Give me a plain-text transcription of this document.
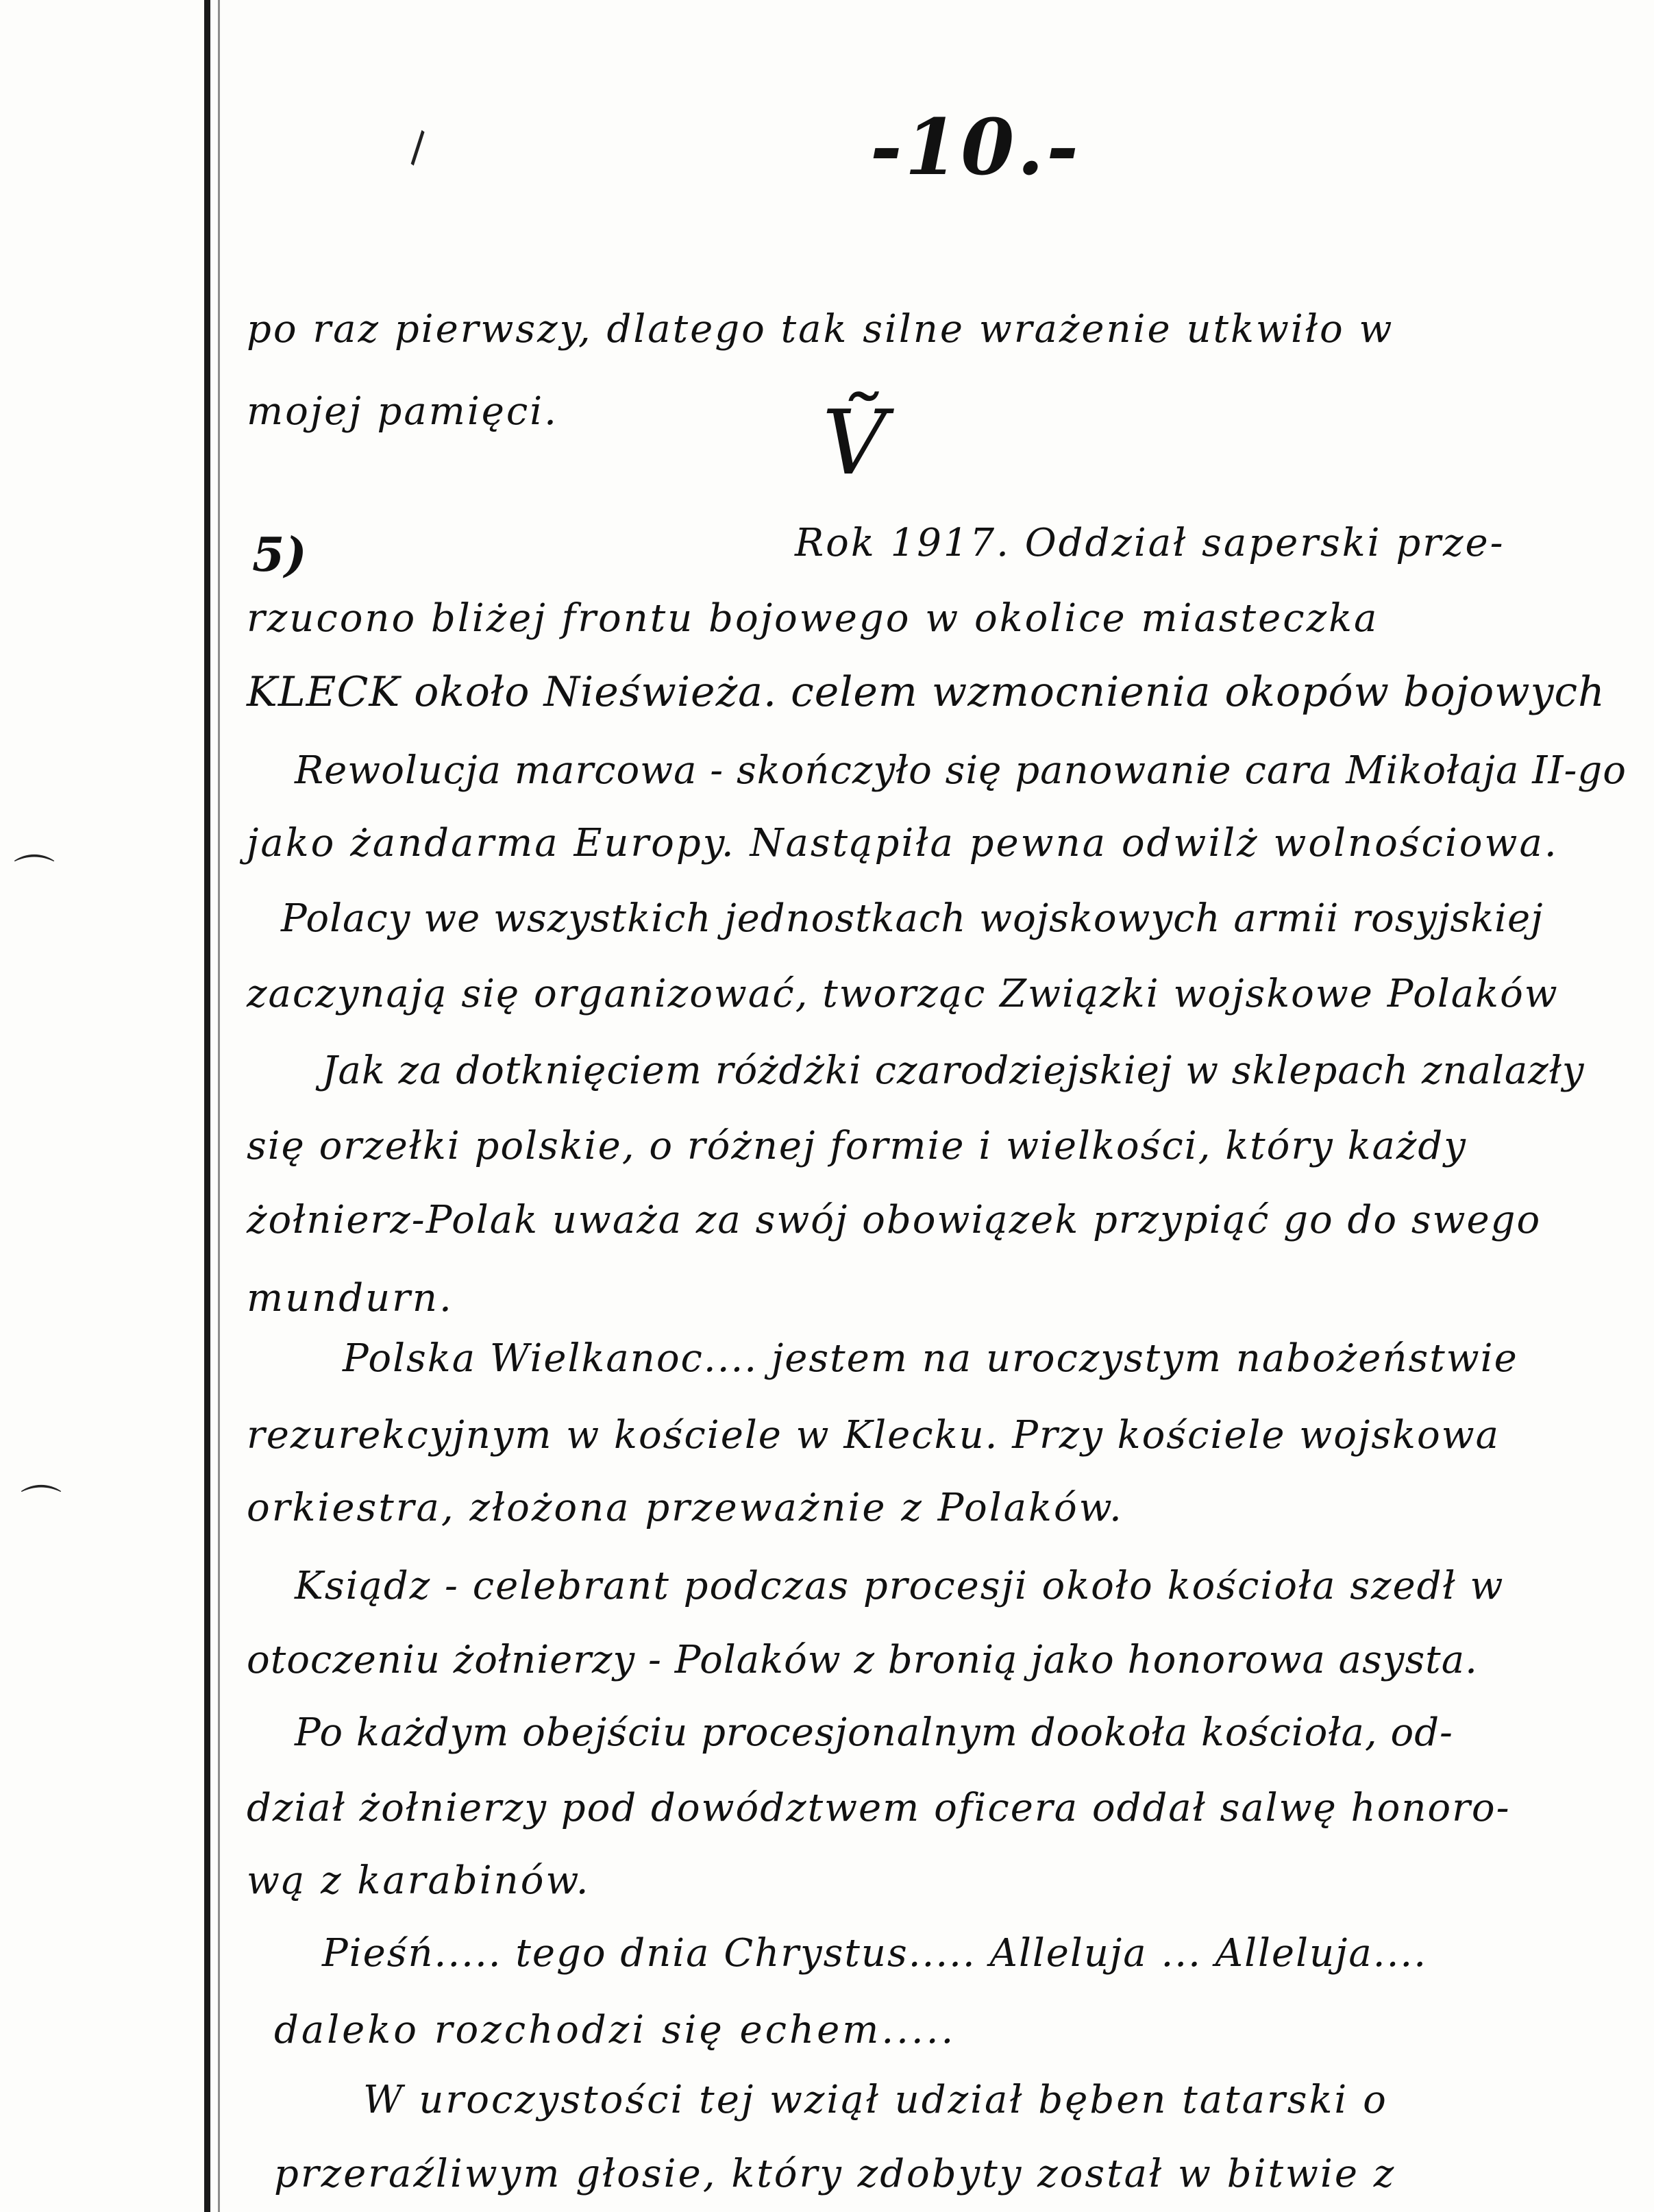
\
⌒
⌒
-10.-
Ṽ
5)
po raz pierwszy, dlatego tak silne wrażenie utkwiło w
mojej pamięci.
Rok 1917. Oddział saperski prze-
rzucono bliżej frontu bojowego w okolice miasteczka
KLECK około Nieświeża. celem wzmocnienia okopów bojowych
Rewolucja marcowa - skończyło się panowanie cara Mikołaja II-go
jako żandarma Europy. Nastąpiła pewna odwilż wolnościowa.
Polacy we wszystkich jednostkach wojskowych armii rosyjskiej
zaczynają się organizować, tworząc Związki wojskowe Polaków
Jak za dotknięciem różdżki czarodziejskiej w sklepach znalazły
się orzełki polskie, o różnej formie i wielkości, który każdy
żołnierz-Polak uważa za swój obowiązek przypiąć go do swego
mundurn.
Polska Wielkanoc.... jestem na uroczystym nabożeństwie
rezurekcyjnym w kościele w Klecku. Przy kościele wojskowa
orkiestra, złożona przeważnie z Polaków.
Ksiądz - celebrant podczas procesji około kościoła szedł w
otoczeniu żołnierzy - Polaków z bronią jako honorowa asysta.
Po każdym obejściu procesjonalnym dookoła kościoła, od-
dział żołnierzy pod dowództwem oficera oddał salwę honoro-
wą z karabinów.
Pieśń..... tego dnia Chrystus..... Alleluja ... Alleluja....
daleko rozchodzi się echem.....
W uroczystości tej wziął udział bęben tatarski o
przeraźliwym głosie, który zdobyty został w bitwie z
